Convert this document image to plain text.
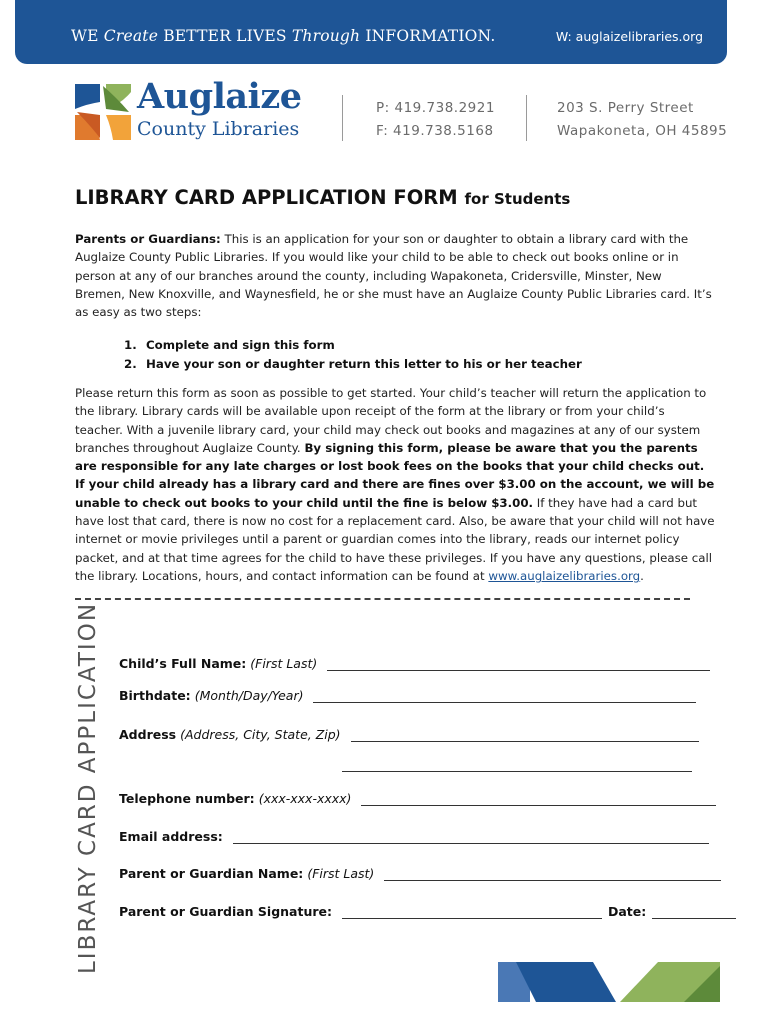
WE Create BETTER LIVES Through INFORMATION.	W: auglaizelibraries.org
Auglaize
County Libraries
P: 419.738.2921
F: 419.738.5168
203 S. Perry Street
Wapakoneta, OH 45895
LIBRARY CARD APPLICATION FORM for Students
Parents or Guardians: This is an application for your son or daughter to obtain a library card with the Auglaize County Public Libraries. If you would like your child to be able to check out books online or in person at any of our branches around the county, including Wapakoneta, Cridersville, Minster, New Bremen, New Knoxville, and Waynesfield, he or she must have an Auglaize County Public Libraries card. It’s as easy as two steps:
1. Complete and sign this form
2. Have your son or daughter return this letter to his or her teacher
Please return this form as soon as possible to get started. Your child’s teacher will return the application to the library. Library cards will be available upon receipt of the form at the library or from your child’s teacher. With a juvenile library card, your child may check out books and magazines at any of our system branches throughout Auglaize County. By signing this form, please be aware that you the parents are responsible for any late charges or lost book fees on the books that your child checks out. If your child already has a library card and there are fines over $3.00 on the account, we will be unable to check out books to your child until the fine is below $3.00. If they have had a card but have lost that card, there is now no cost for a replacement card. Also, be aware that your child will not have internet or movie privileges until a parent or guardian comes into the library, reads our internet policy packet, and at that time agrees for the child to have these privileges. If you have any questions, please call the library. Locations, hours, and contact information can be found at www.auglaizelibraries.org.
LIBRARY CARD APPLICATION Child’s Full Name: (First Last)
Birthdate: (Month/Day/Year)
Address (Address, City, State, Zip)
Telephone number: (xxx-xxx-xxxx)
Email address:
Parent or Guardian Name: (First Last)
Parent or Guardian Signature:	Date:
